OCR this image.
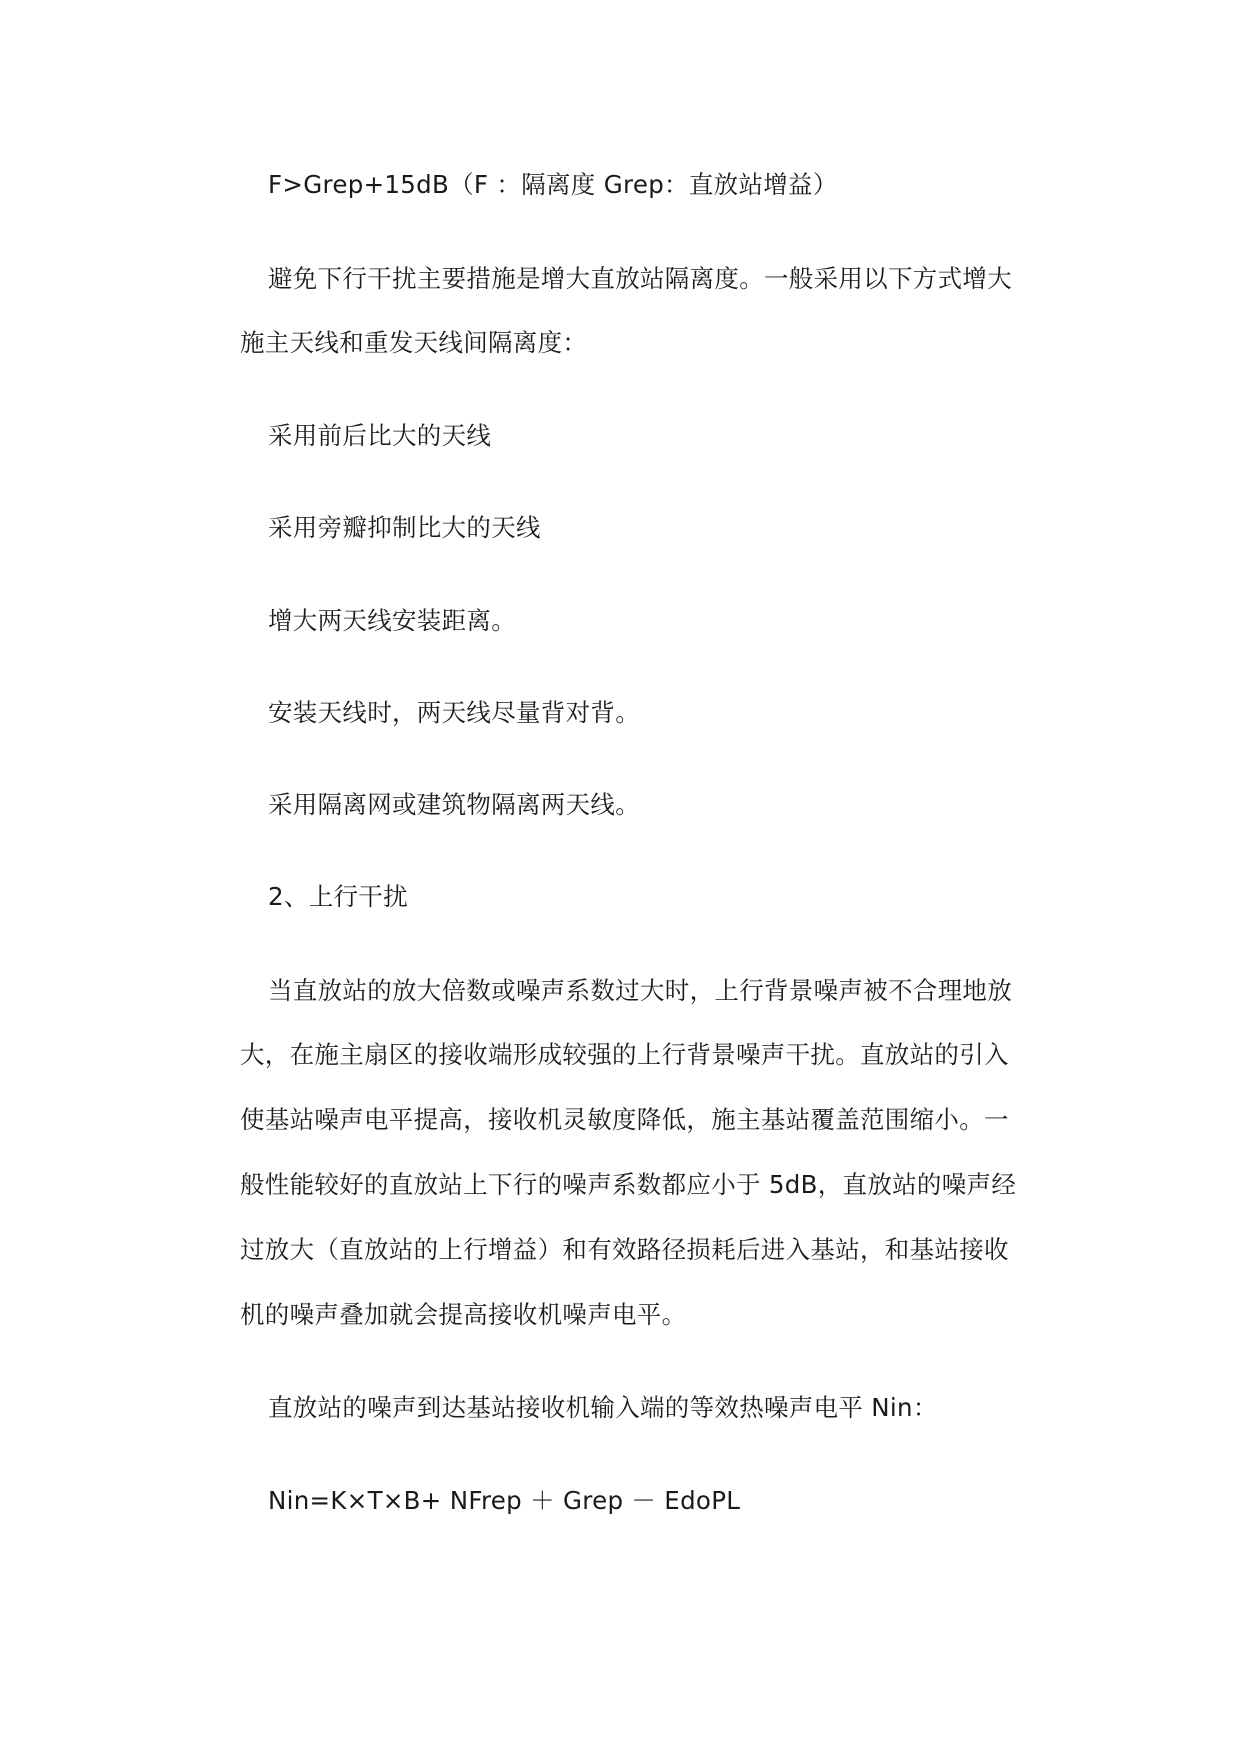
F>Grep+15dB（F ：隔离度 Grep：直放站增益）
避免下行干扰主要措施是增大直放站隔离度。一般采用以下方式增大
施主天线和重发天线间隔离度：
采用前后比大的天线
采用旁瓣抑制比大的天线
增大两天线安装距离。
安装天线时，两天线尽量背对背。
采用隔离网或建筑物隔离两天线。
2、上行干扰
当直放站的放大倍数或噪声系数过大时，上行背景噪声被不合理地放
大，在施主扇区的接收端形成较强的上行背景噪声干扰。直放站的引入
使基站噪声电平提高，接收机灵敏度降低，施主基站覆盖范围缩小。一
般性能较好的直放站上下行的噪声系数都应小于 5dB，直放站的噪声经
过放大（直放站的上行增益）和有效路径损耗后进入基站，和基站接收
机的噪声叠加就会提高接收机噪声电平。
直放站的噪声到达基站接收机输入端的等效热噪声电平 Nin：
Nin=K×T×B+ NFrep ＋ Grep － EdoPL
